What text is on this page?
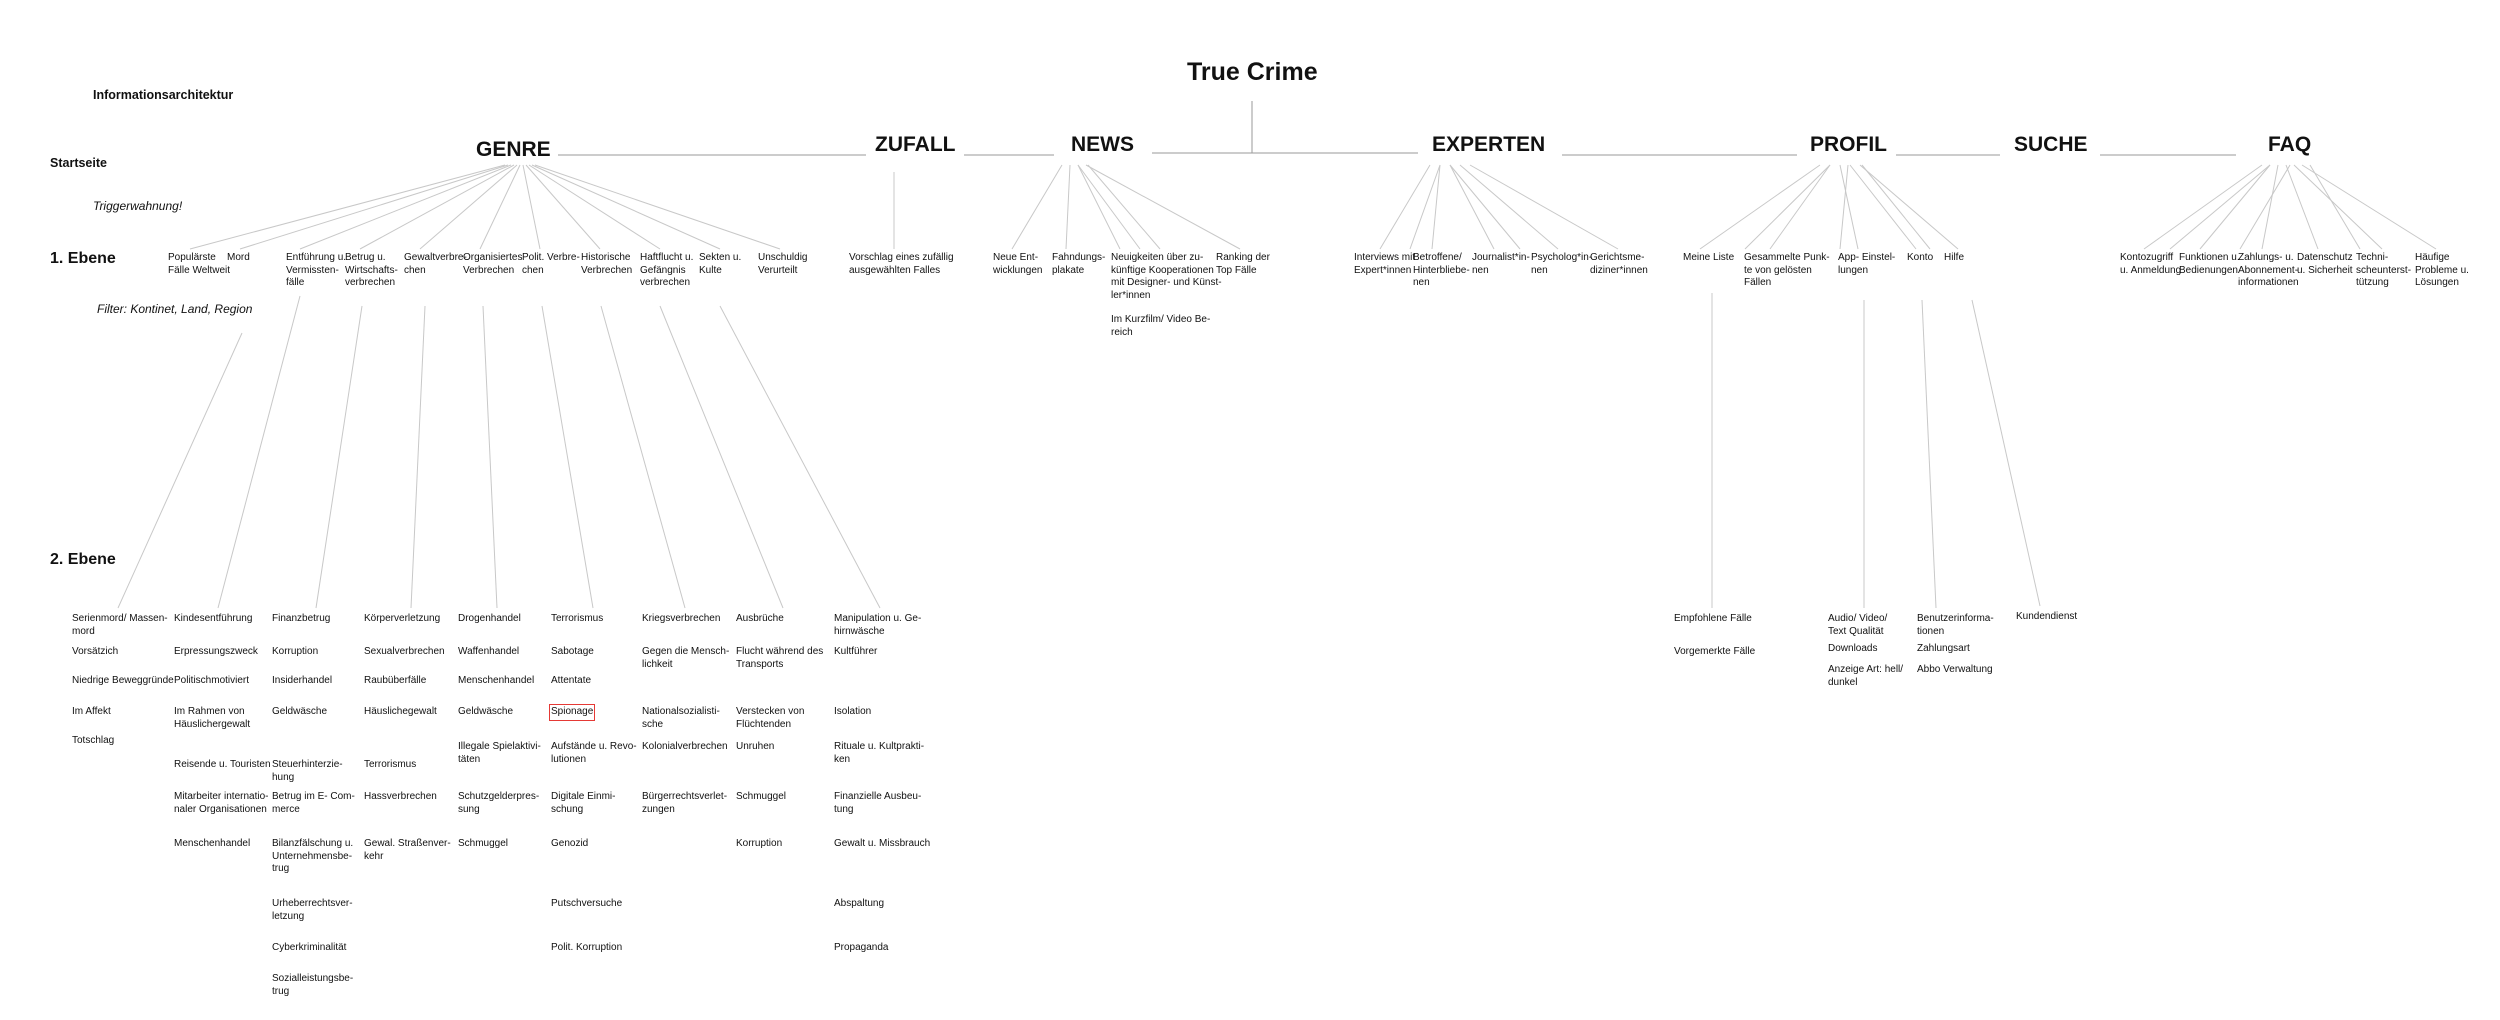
True Crime
Informationsarchitektur
Startseite
Triggerwahnung!
1. Ebene
Filter: Kontinet, Land, Region
2. Ebene
GENRE	ZUFALL	NEWS	EXPERTEN	PROFIL	SUCHE	FAQ
Populärste
Fälle Weltweit
Mord	Entführung u.
Vermissten-
fälle
Betrug u.
Wirtschafts-
verbrechen
Gewaltverbre-
chen
Organisiertes
Verbrechen
Polit. Verbre-
chen
Historische
Verbrechen
Haftflucht u.
Gefängnis
verbrechen
Sekten u.
Kulte
Unschuldig
Verurteilt
Serienmord/ Massen-
mord
Vorsätzich
Niedrige Beweggründe
Im Affekt
Totschlag
Kindesentführung
Erpressungszweck
Politischmotiviert
Im Rahmen von
Häuslichergewalt
Reisende u. Touristen
Mitarbeiter internatio-
naler Organisationen
Menschenhandel
Finanzbetrug
Korruption
Insiderhandel
Geldwäsche
Steuerhinterzie-
hung
Betrug im E- Com-
merce
Bilanzfälschung u.
Unternehmensbe-
trug
Urheberrechtsver-
letzung
Cyberkriminalität
Sozialleistungsbe-
trug
Körperverletzung
Sexualverbrechen
Raubüberfälle
Häuslichegewalt
Terrorismus
Hassverbrechen
Gewal. Straßenver-
kehr
Drogenhandel
Waffenhandel
Menschenhandel
Geldwäsche
Illegale Spielaktivi-
täten
Schutzgelderpres-
sung
Schmuggel
Terrorismus
Sabotage
Attentate
Spionage
Aufstände u. Revo-
lutionen
Digitale Einmi-
schung
Genozid
Putschversuche
Polit. Korruption
Kriegsverbrechen
Gegen die Mensch-
lichkeit
Nationalsozialisti-
sche
Kolonialverbrechen
Bürgerrechtsverlet-
zungen
Ausbrüche
Flucht während des
Transports
Verstecken von
Flüchtenden
Unruhen
Schmuggel
Korruption
Manipulation u. Ge-
hirnwäsche
Kultführer
Isolation
Rituale u. Kultprakti-
ken
Finanzielle Ausbeu-
tung
Gewalt u. Missbrauch
Abspaltung
Propaganda
Vorschlag eines zufällig
ausgewählten Falles
Neue Ent-
wicklungen
Fahndungs-
plakate
Neuigkeiten über zu-
künftige Kooperationen
mit Designer- und Künst-
ler*innen
Ranking der
Top Fälle
Im Kurzfilm/ Video Be-
reich
Interviews mit
Expert*innen
Betroffene/
Hinterbliebe-
nen
Journalist*in-
nen
Psycholog*in-
nen
Gerichtsme-
diziner*innen
Meine Liste Gesammelte Punk-
te von gelösten
Fällen
App- Einstel-
lungen
Konto Hilfe
Empfohlene Fälle
Vorgemerkte Fälle
Audio/ Video/
Text Qualität
Downloads
Anzeige Art: hell/
dunkel
Benutzerinforma-
tionen
Zahlungsart
Abbo Verwaltung
Kundendienst
Kontozugriff
u. Anmeldung
Funktionen u.
Bedienungen
Zahlungs- u.
Abonnement-
informationen
Datenschutz
u. Sicherheit
Techni-
scheunterst-
tützung
Häufige
Probleme u.
Lösungen
